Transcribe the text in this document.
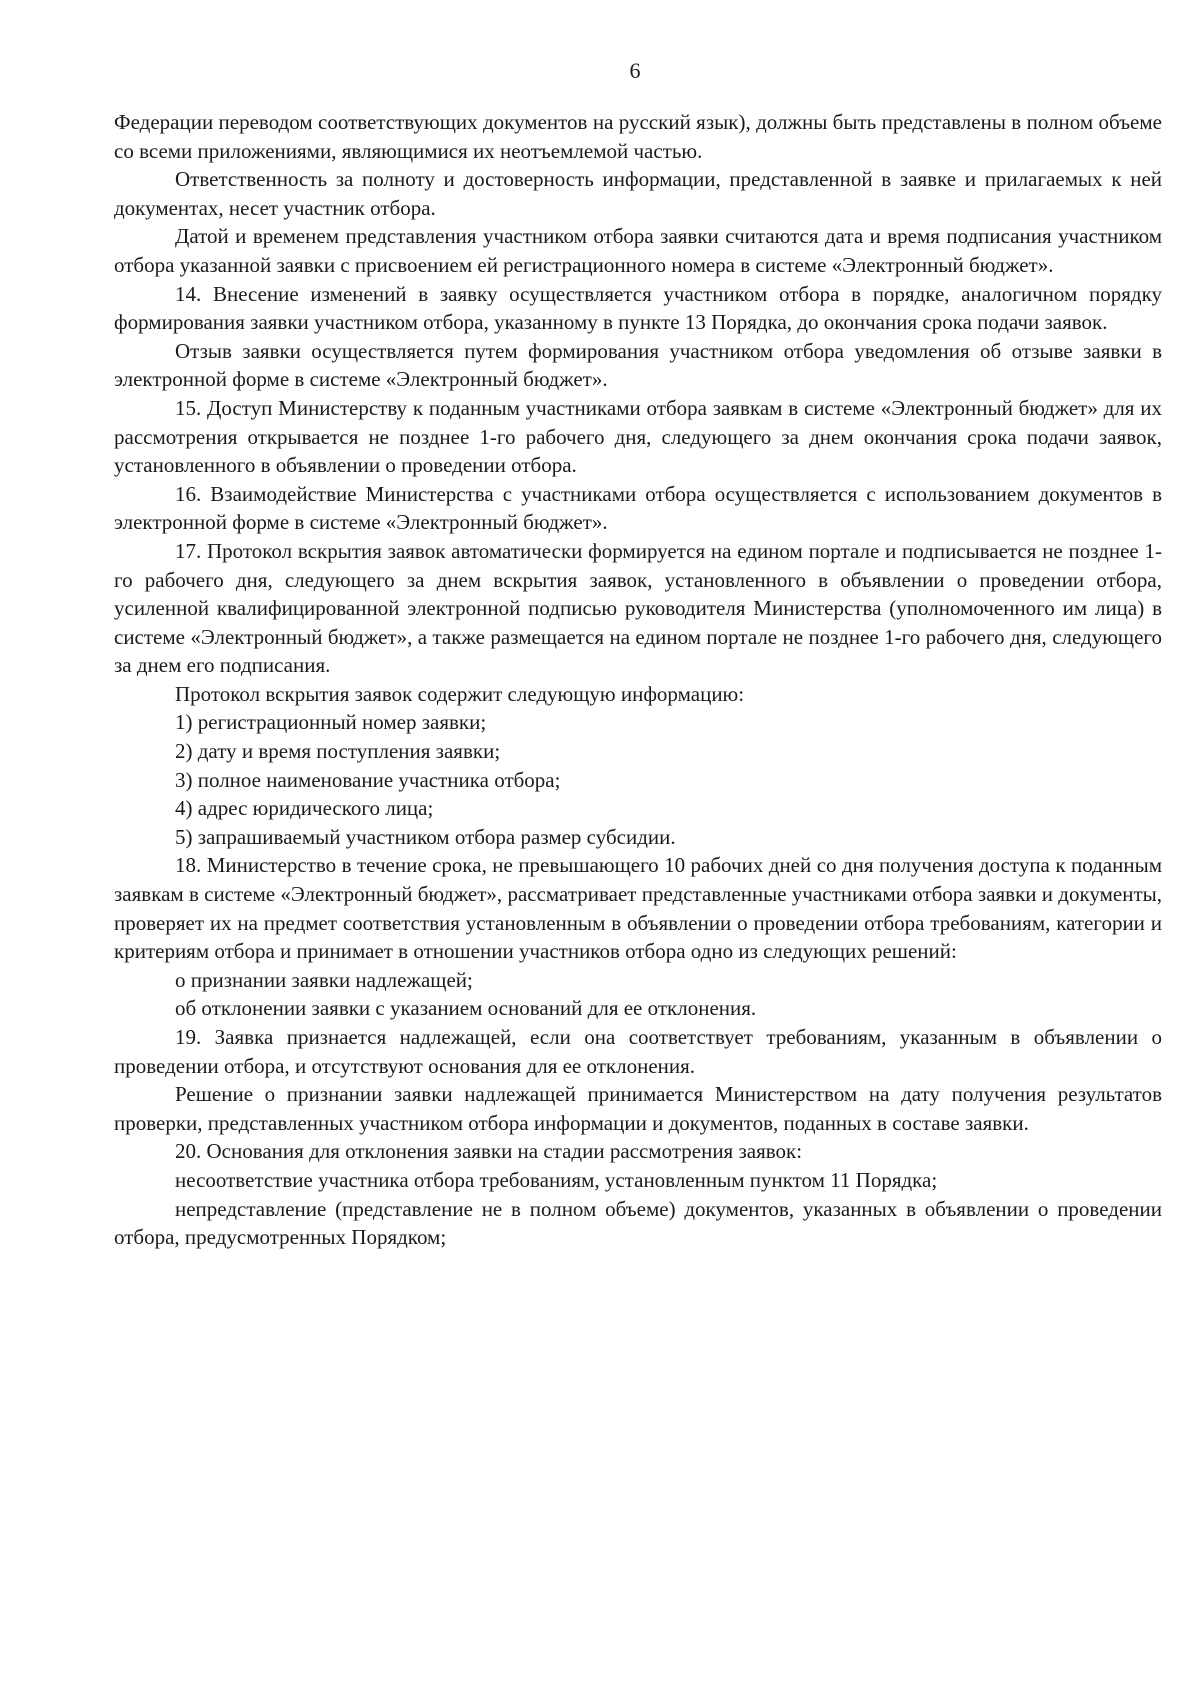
6

Федерации переводом соответствующих документов на русский язык), должны быть представлены в полном объеме со всеми приложениями, являющимися их неотъемлемой частью.

Ответственность за полноту и достоверность информации, представленной в заявке и прилагаемых к ней документах, несет участник отбора.

Датой и временем представления участником отбора заявки считаются дата и время подписания участником отбора указанной заявки с присвоением ей регистрационного номера в системе «Электронный бюджет».

14. Внесение изменений в заявку осуществляется участником отбора в порядке, аналогичном порядку формирования заявки участником отбора, указанному в пункте 13 Порядка, до окончания срока подачи заявок.

Отзыв заявки осуществляется путем формирования участником отбора уведомления об отзыве заявки в электронной форме в системе «Электронный бюджет».

15. Доступ Министерству к поданным участниками отбора заявкам в системе «Электронный бюджет» для их рассмотрения открывается не позднее 1-го рабочего дня, следующего за днем окончания срока подачи заявок, установленного в объявлении о проведении отбора.

16. Взаимодействие Министерства с участниками отбора осуществляется с использованием документов в электронной форме в системе «Электронный бюджет».

17. Протокол вскрытия заявок автоматически формируется на едином портале и подписывается не позднее 1-го рабочего дня, следующего за днем вскрытия заявок, установленного в объявлении о проведении отбора, усиленной квалифицированной электронной подписью руководителя Министерства (уполномоченного им лица) в системе «Электронный бюджет», а также размещается на едином портале не позднее 1-го рабочего дня, следующего за днем его подписания.

Протокол вскрытия заявок содержит следующую информацию:

1) регистрационный номер заявки;

2) дату и время поступления заявки;

3) полное наименование участника отбора;

4) адрес юридического лица;

5) запрашиваемый участником отбора размер субсидии.

18. Министерство в течение срока, не превышающего 10 рабочих дней со дня получения доступа к поданным заявкам в системе «Электронный бюджет», рассматривает представленные участниками отбора заявки и документы, проверяет их на предмет соответствия установленным в объявлении о проведении отбора требованиям, категории и критериям отбора и принимает в отношении участников отбора одно из следующих решений:

о признании заявки надлежащей;

об отклонении заявки с указанием оснований для ее отклонения.

19. Заявка признается надлежащей, если она соответствует требованиям, указанным в объявлении о проведении отбора, и отсутствуют основания для ее отклонения.

Решение о признании заявки надлежащей принимается Министерством на дату получения результатов проверки, представленных участником отбора информации и документов, поданных в составе заявки.

20. Основания для отклонения заявки на стадии рассмотрения заявок:

несоответствие участника отбора требованиям, установленным пунктом 11 Порядка;

непредставление (представление не в полном объеме) документов, указанных в объявлении о проведении отбора, предусмотренных Порядком;
